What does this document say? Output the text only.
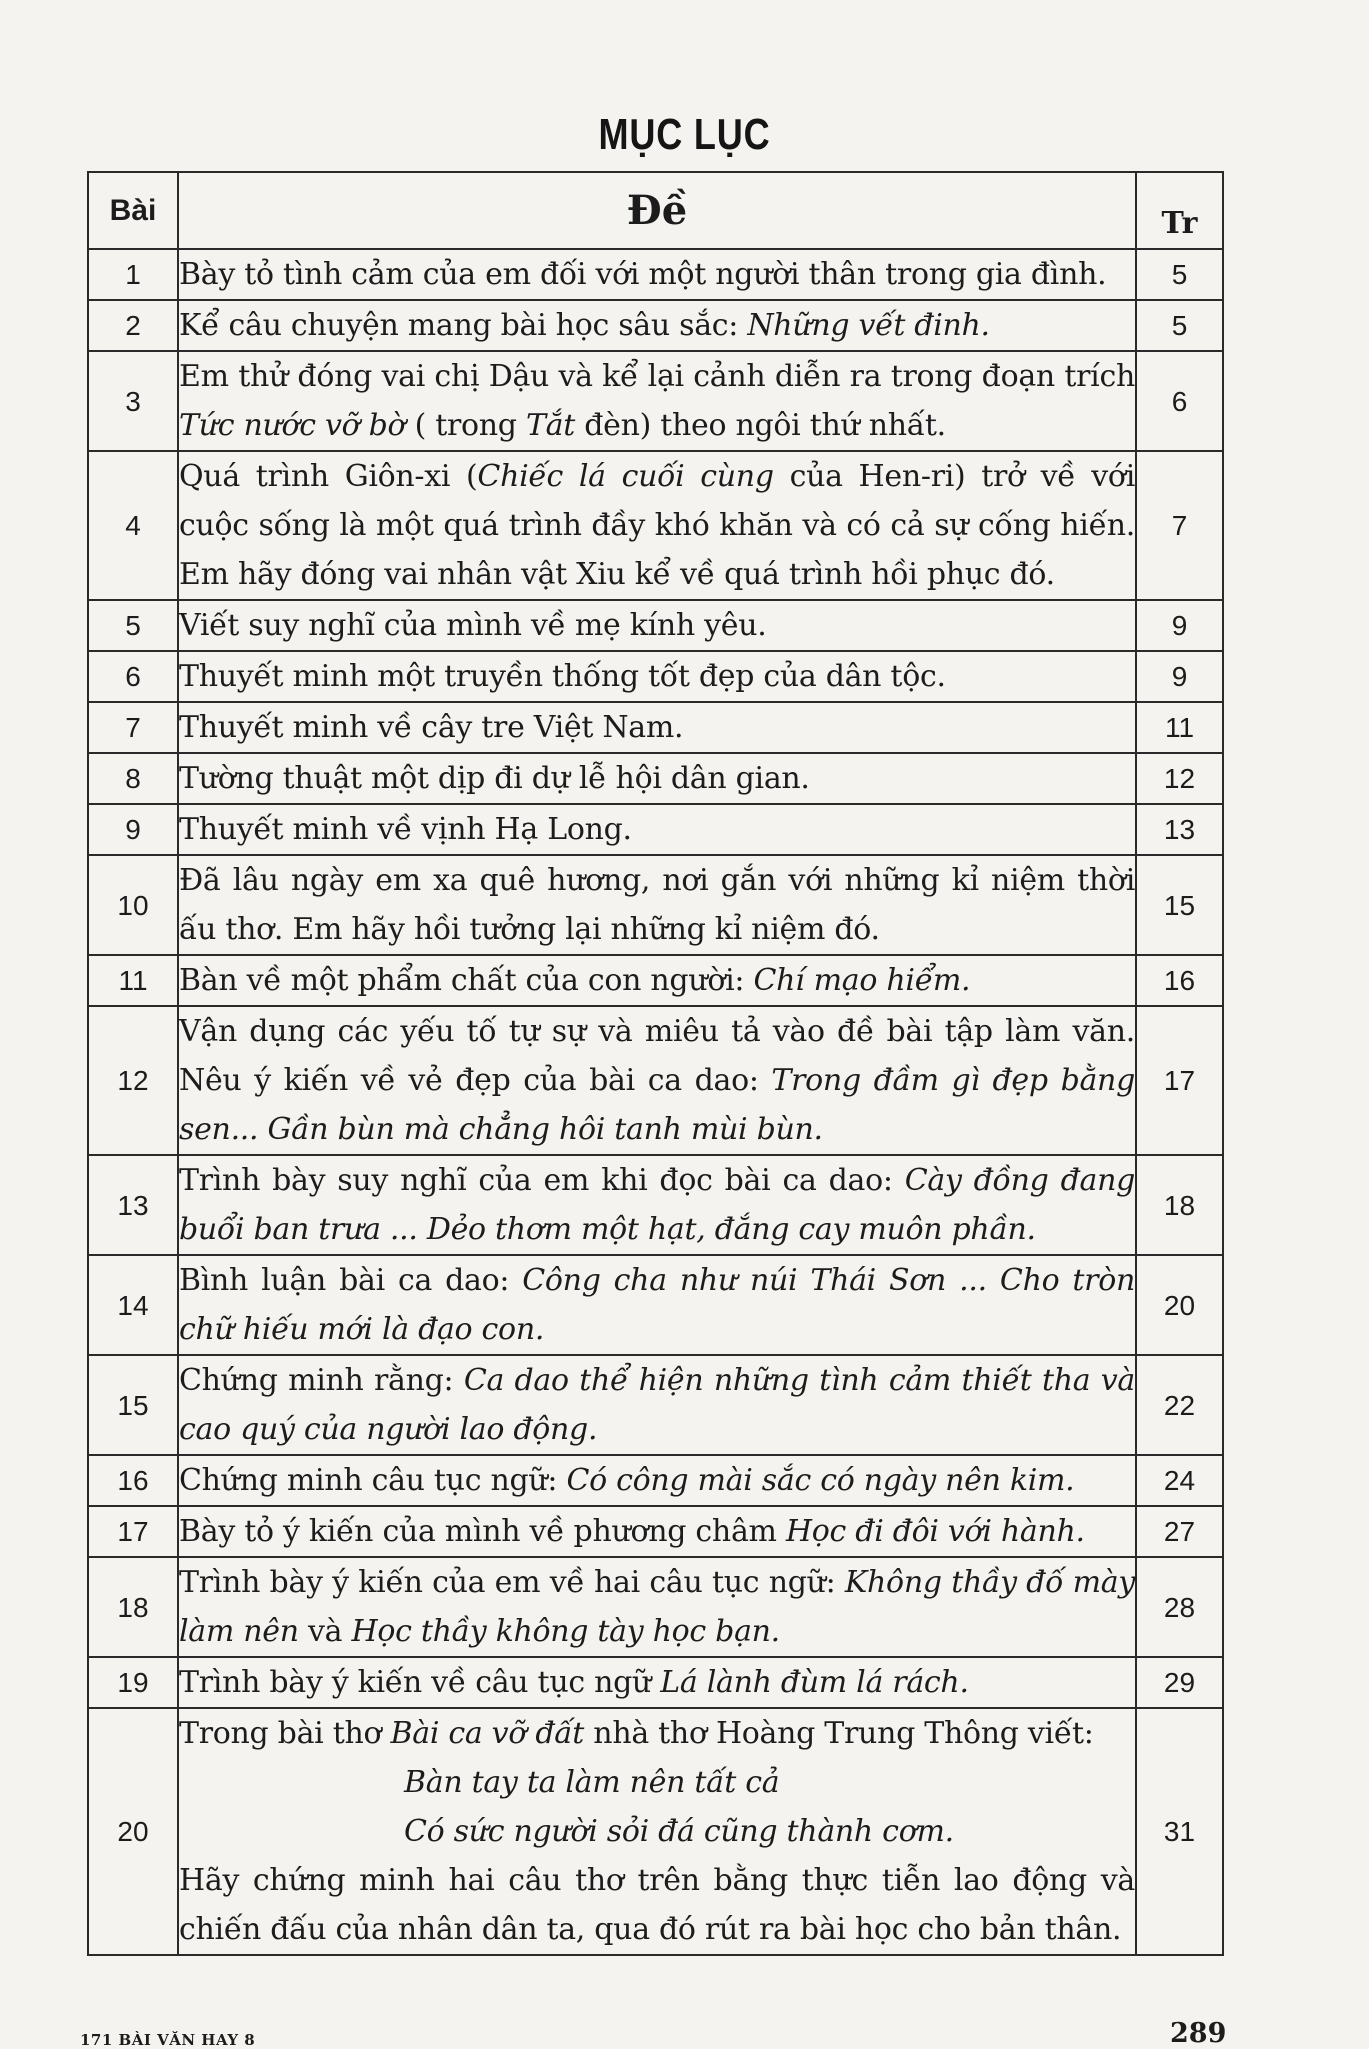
MỤC LỤC
Bài	Đề	Tr
1	Bày tỏ tình cảm của em đối với một người thân trong gia đình.	5
2	Kể câu chuyện mang bài học sâu sắc: Những vết đinh.	5
3	Em thử đóng vai chị Dậu và kể lại cảnh diễn ra trong đoạn trích Tức nước vỡ bờ ( trong Tắt đèn) theo ngôi thứ nhất.	6
4	Quá trình Giôn-xi (Chiếc lá cuối cùng của Hen-ri) trở về với cuộc sống là một quá trình đầy khó khăn và có cả sự cống hiến. Em hãy đóng vai nhân vật Xiu kể về quá trình hồi phục đó.	7
5	Viết suy nghĩ của mình về mẹ kính yêu.	9
6	Thuyết minh một truyền thống tốt đẹp của dân tộc.	9
7	Thuyết minh về cây tre Việt Nam.	11
8	Tường thuật một dịp đi dự lễ hội dân gian.	12
9	Thuyết minh về vịnh Hạ Long.	13
10	Đã lâu ngày em xa quê hương, nơi gắn với những kỉ niệm thời ấu thơ. Em hãy hồi tưởng lại những kỉ niệm đó.	15
11	Bàn về một phẩm chất của con người: Chí mạo hiểm.	16
12	Vận dụng các yếu tố tự sự và miêu tả vào đề bài tập làm văn. Nêu ý kiến về vẻ đẹp của bài ca dao: Trong đầm gì đẹp bằng sen... Gần bùn mà chẳng hôi tanh mùi bùn.	17
13	Trình bày suy nghĩ của em khi đọc bài ca dao: Cày đồng đang buổi ban trưa ... Dẻo thơm một hạt, đắng cay muôn phần.	18
14	Bình luận bài ca dao: Công cha như núi Thái Sơn ... Cho tròn chữ hiếu mới là đạo con.	20
15	Chứng minh rằng: Ca dao thể hiện những tình cảm thiết tha và cao quý của người lao động.	22
16	Chứng minh câu tục ngữ: Có công mài sắc có ngày nên kim.	24
17	Bày tỏ ý kiến của mình về phương châm Học đi đôi với hành.	27
18	Trình bày ý kiến của em về hai câu tục ngữ: Không thầy đố mày làm nên và Học thầy không tày học bạn.	28
19	Trình bày ý kiến về câu tục ngữ Lá lành đùm lá rách.	29
20	Trong bài thơ Bài ca vỡ đất nhà thơ Hoàng Trung Thông viết:
Bàn tay ta làm nên tất cả
Có sức người sỏi đá cũng thành cơm.
Hãy chứng minh hai câu thơ trên bằng thực tiễn lao động và chiến đấu của nhân dân ta, qua đó rút ra bài học cho bản thân.	31
171 BÀI VĂN HAY 8	289
